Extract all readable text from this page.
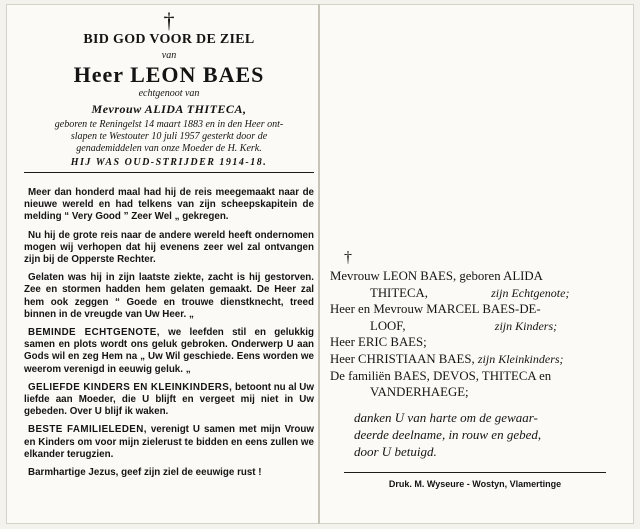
†
BID GOD VOOR DE ZIEL
van
Heer LEON BAES
echtgenoot van
Mevrouw ALIDA THITECA,
geboren te Reningelst 14 maart 1883 en in den Heer ont-
slapen te Westouter 10 juli 1957 gesterkt door de
genademiddelen van onze Moeder de H. Kerk.
HIJ WAS OUD-STRIJDER 1914-18.

Meer dan honderd maal had hij de reis meegemaakt naar de nieuwe wereld en had telkens van zijn scheepskapitein de melding “ Very Good ” Zeer Wel „ gekregen.

Nu hij de grote reis naar de andere wereld heeft ondernomen mogen wij verhopen dat hij evenens zeer wel zal ontvangen zijn bij de Opperste Rechter.

Gelaten was hij in zijn laatste ziekte, zacht is hij gestorven. Zee en stormen hadden hem gelaten gemaakt. De Heer zal hem ook zeggen “ Goede en trouwe dienstknecht, treed binnen in de vreugde van Uw Heer. „

BEMINDE ECHTGENOTE, we leefden stil en gelukkig samen en plots wordt ons geluk gebroken. Onderwerp U aan Gods wil en zeg Hem na „ Uw Wil geschiede. Eens worden we weerom verenigd in eeuwig geluk. „

GELIEFDE KINDERS EN KLEINKINDERS, betoont nu al Uw liefde aan Moeder, die U blijft en vergeet mij niet in Uw gebeden. Over U blijf ik waken.

BESTE FAMILIELEDEN, verenigt U samen met mijn Vrouw en Kinders om voor mijn zielerust te bidden en eens zullen we elkander terugzien.

Barmhartige Jezus, geef zijn ziel de eeuwige rust !

†
Mevrouw LEON BAES, geboren ALIDA
THITECA,	zijn Echtgenote;
Heer en Mevrouw MARCEL BAES-DE-
LOOF,	zijn Kinders;
Heer ERIC BAES;
Heer CHRISTIAAN BAES, zijn Kleinkinders;
De familiën BAES, DEVOS, THITECA en
VANDERHAEGE;
danken U van harte om de gewaar-
deerde deelname, in rouw en gebed,
door U betuigd.
Druk. M. Wyseure - Wostyn, Vlamertinge
